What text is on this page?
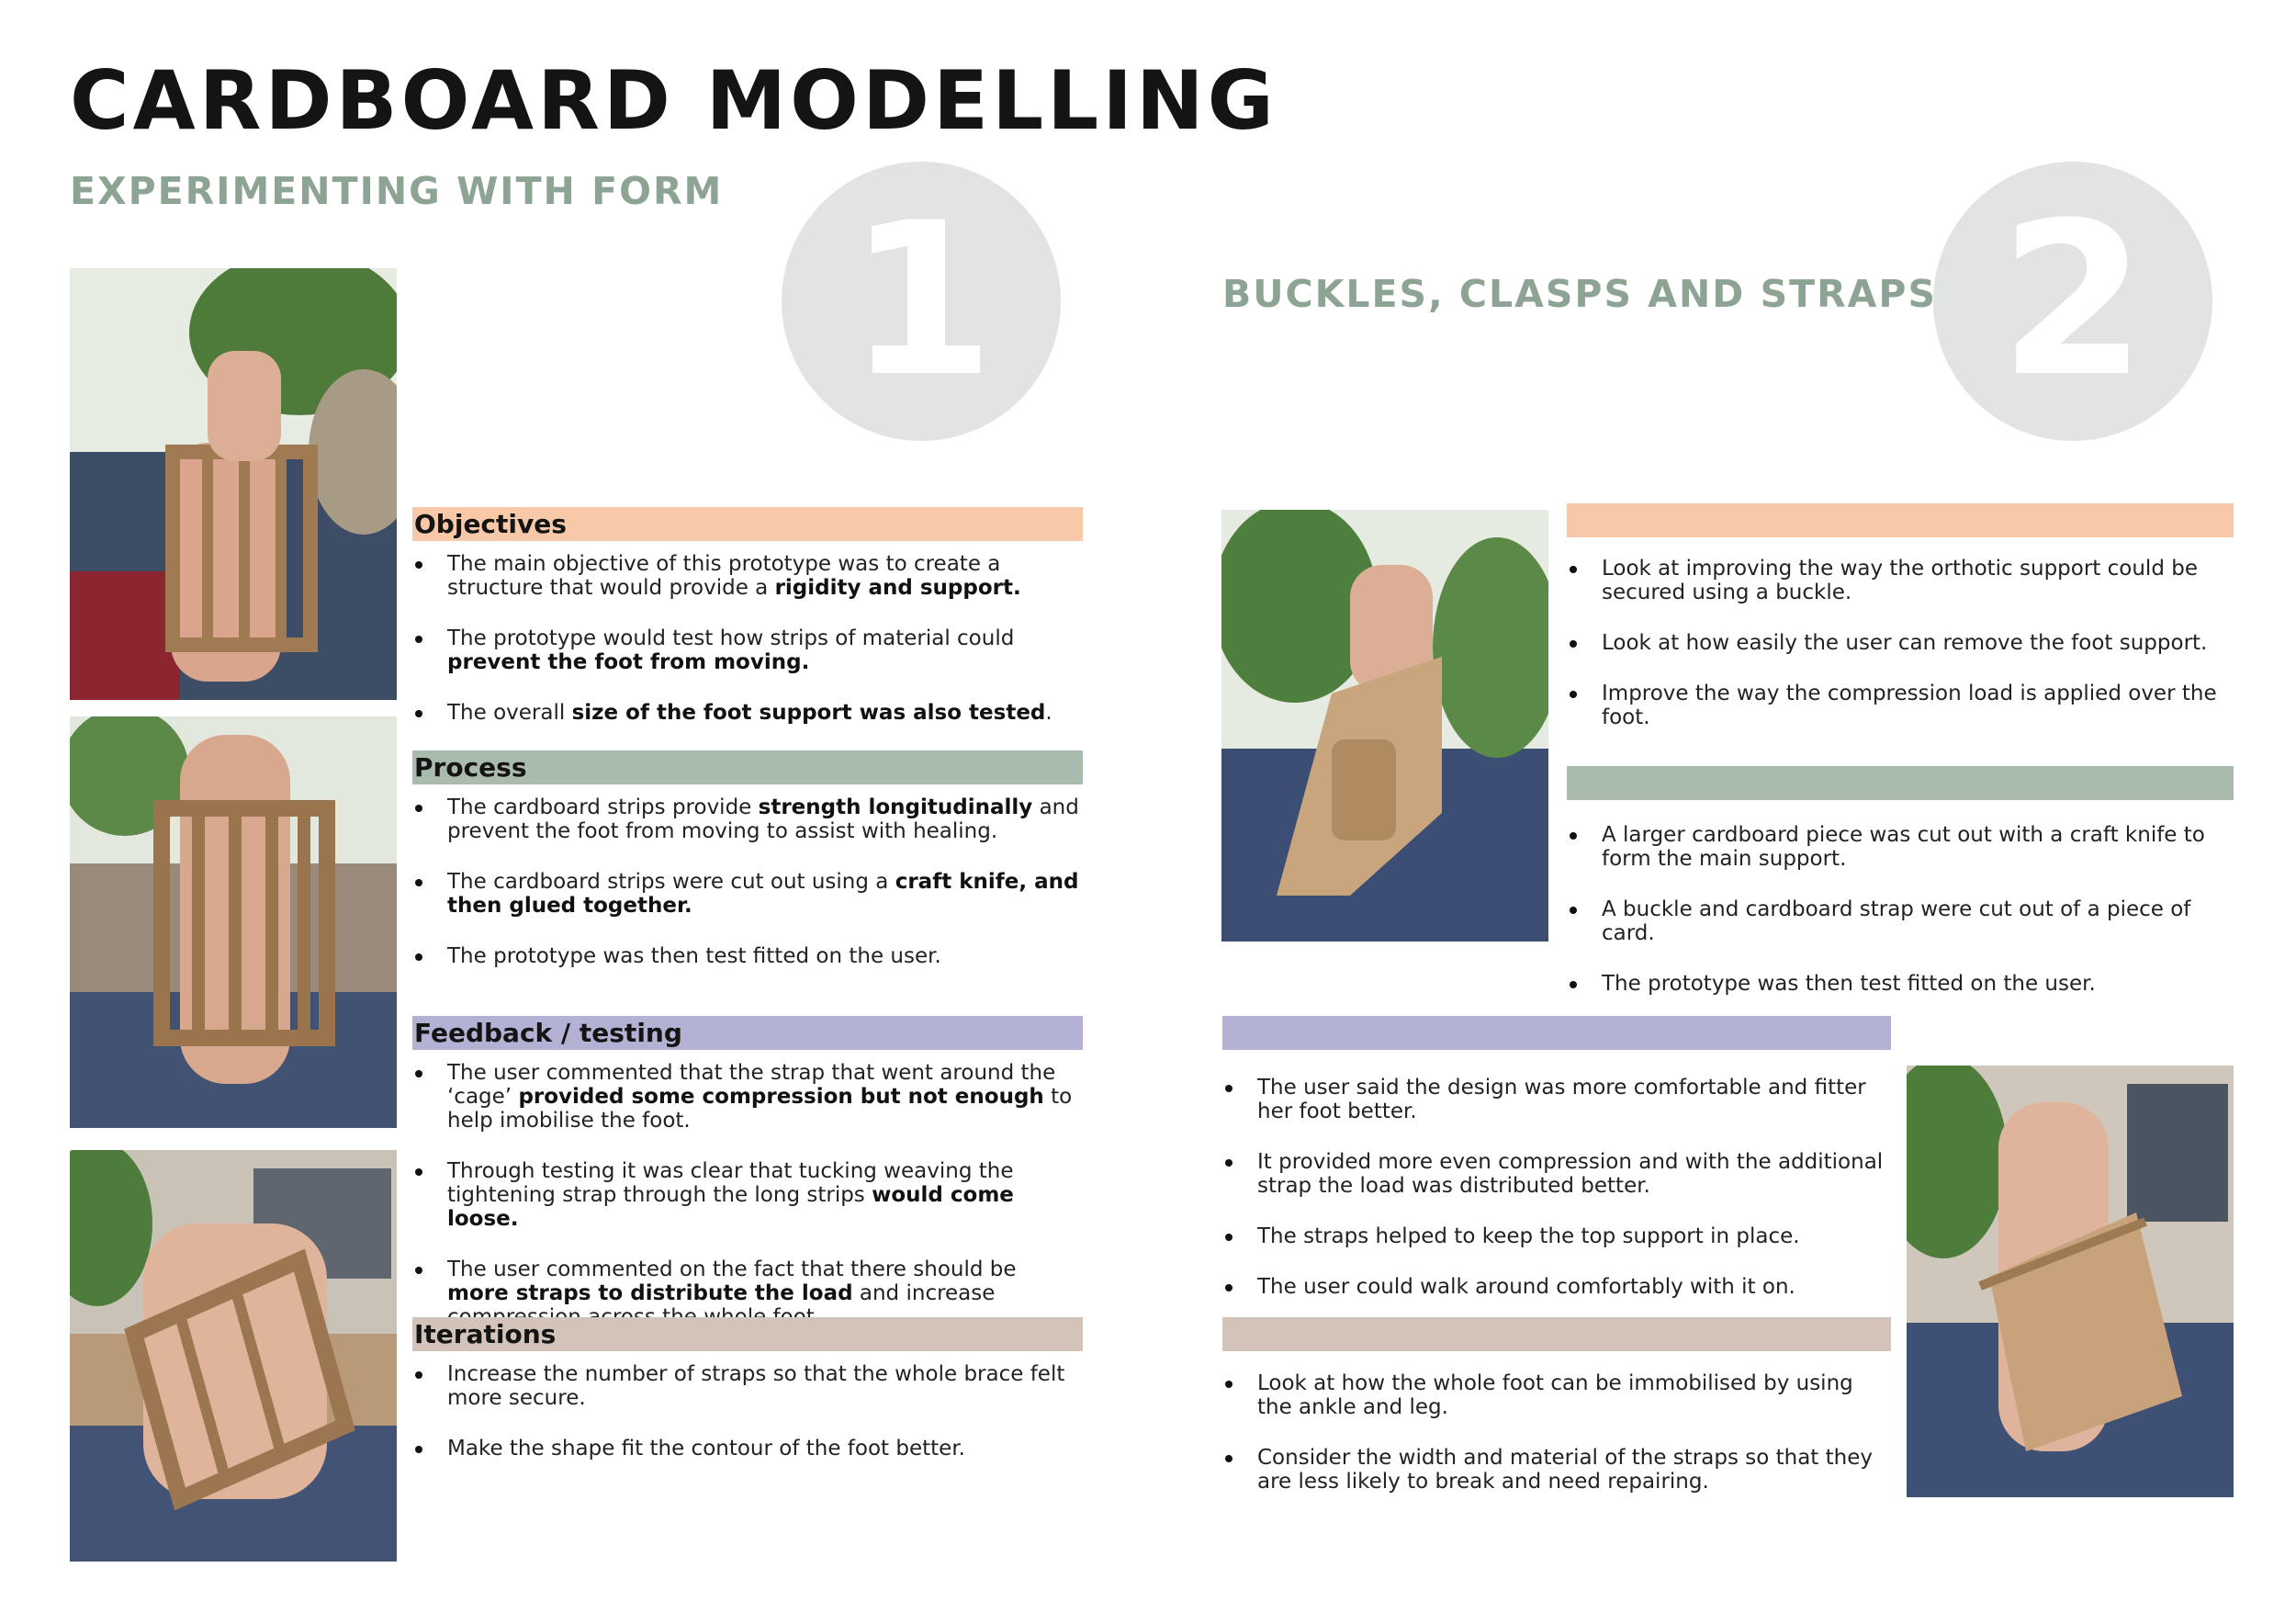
CARDBOARD MODELLING
EXPERIMENTING WITH FORM 1	2
BUCKLES, CLASPS AND STRAPS
Objectives
The main objective of this prototype was to create a structure that would provide a rigidity and support.
The prototype would test how strips of material could prevent the foot from moving.
The overall size of the foot support was also tested.
Process
The cardboard strips provide strength longitudinally and prevent the foot from moving to assist with healing.
The cardboard strips were cut out using a craft knife, and then glued together.
The prototype was then test fitted on the user.
Feedback / testing
The user commented that the strap that went around the ‘cage’ provided some compression but not enough to help imobilise the foot.
Through testing it was clear that tucking weaving the tightening strap through the long strips would come loose.
The user commented on the fact that there should be more straps to distribute the load and increase
Iterations
Increase the number of straps so that the whole brace felt more secure.
Make the shape fit the contour of the foot better.
Look at improving the way the orthotic support could be secured using a buckle.
Look at how easily the user can remove the foot support.
Improve the way the compression load is applied over the foot.
A larger cardboard piece was cut out with a craft knife to form the main support.
A buckle and cardboard strap were cut out of a piece of card.
The prototype was then test fitted on the user.
The user said the design was more comfortable and fitter her foot better.
It provided more even compression and with the additional strap the load was distributed better.
The straps helped to keep the top support in place.
The user could walk around comfortably with it on.
Look at how the whole foot can be immobilised by using the ankle and leg.
Consider the width and material of the straps so that they are less likely to break and need repairing.
